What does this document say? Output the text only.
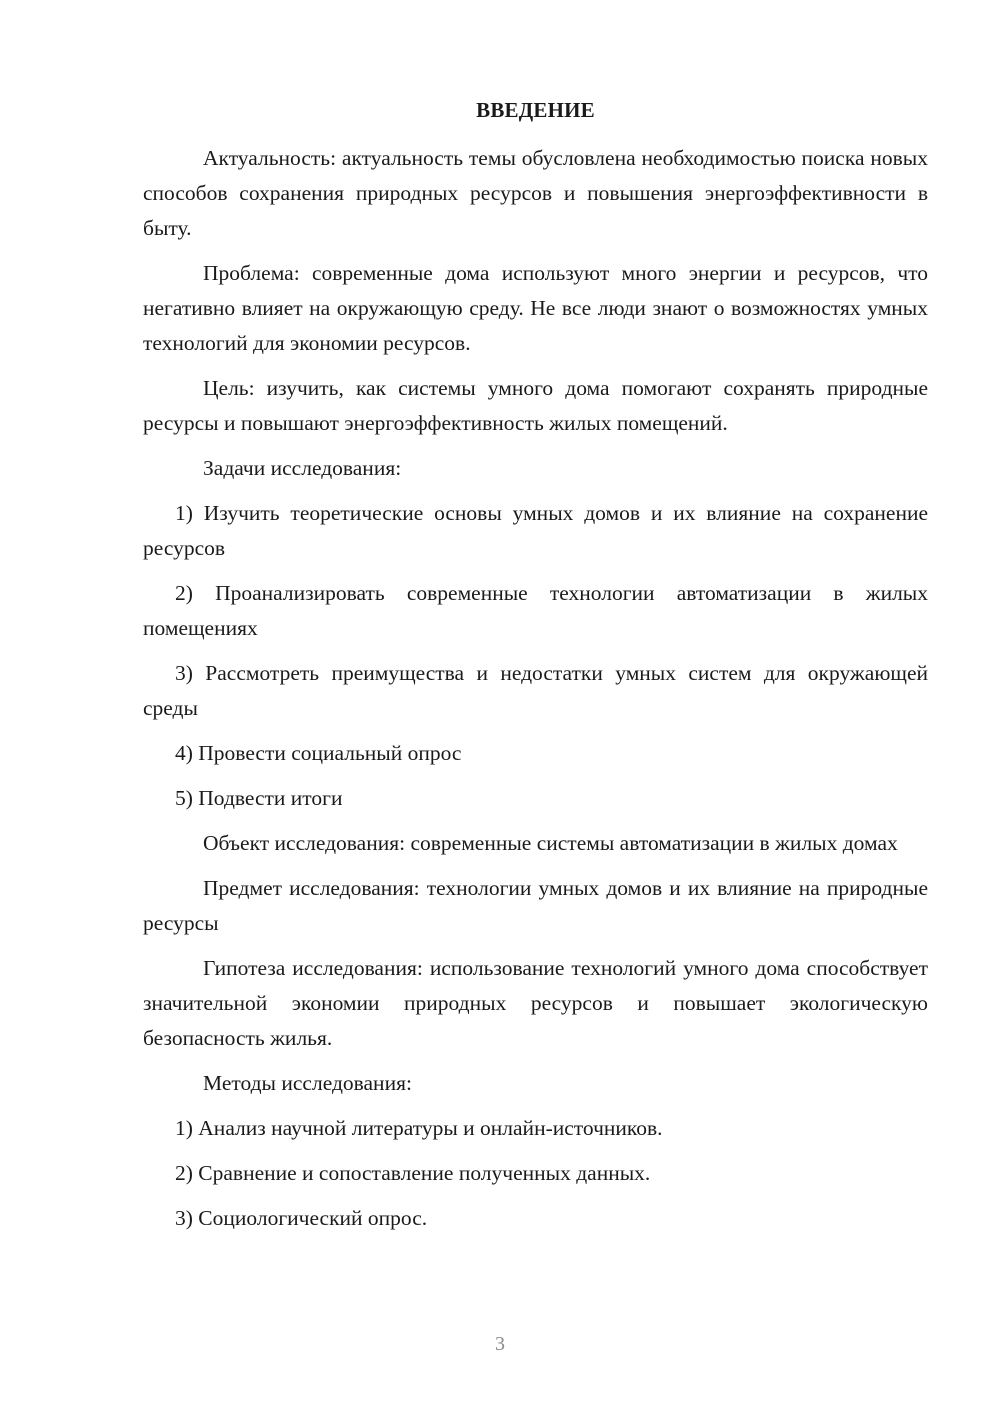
ВВЕДЕНИЕ

Актуальность: актуальность темы обусловлена необходимостью поиска новых способов сохранения природных ресурсов и повышения энергоэффективности в быту.

Проблема: современные дома используют много энергии и ресурсов, что негативно влияет на окружающую среду. Не все люди знают о возможностях умных технологий для экономии ресурсов.

Цель: изучить, как системы умного дома помогают сохранять природные ресурсы и повышают энергоэффективность жилых помещений.

Задачи исследования:

1) Изучить теоретические основы умных домов и их влияние на сохранение ресурсов

2) Проанализировать современные технологии автоматизации в жилых помещениях

3) Рассмотреть преимущества и недостатки умных систем для окружающей среды

4) Провести социальный опрос

5) Подвести итоги

Объект исследования: современные системы автоматизации в жилых домах

Предмет исследования: технологии умных домов и их влияние на природные ресурсы

Гипотеза исследования: использование технологий умного дома способствует значительной экономии природных ресурсов и повышает экологическую безопасность жилья.

Методы исследования:

1) Анализ научной литературы и онлайн-источников.

2) Сравнение и сопоставление полученных данных.

3) Социологический опрос.

3
